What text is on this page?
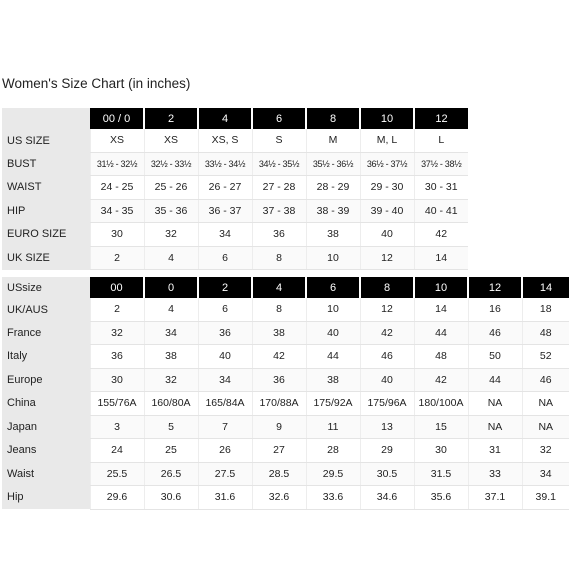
Women's Size Chart (in inches)
	00 / 0	2	4	6	8	10	12
US SIZE	XS	XS	XS, S	S	M	M, L	L
BUST	31½ - 32½	32½ - 33½	33½ - 34½	34½ - 35½	35½ - 36½	36½ - 37½	37½ - 38½
WAIST	24 - 25	25 - 26	26 - 27	27 - 28	28 - 29	29 - 30	30 - 31
HIP	34 - 35	35 - 36	36 - 37	37 - 38	38 - 39	39 - 40	40 - 41
EURO SIZE	30	32	34	36	38	40	42
UK SIZE	2	4	6	8	10	12	14
USsize	00	0	2	4	6	8	10	12	14
UK/AUS	2	4	6	8	10	12	14	16	18
France	32	34	36	38	40	42	44	46	48
Italy	36	38	40	42	44	46	48	50	52
Europe	30	32	34	36	38	40	42	44	46
China	155/76A	160/80A	165/84A	170/88A	175/92A	175/96A	180/100A	NA	NA
Japan	3	5	7	9	11	13	15	NA	NA
Jeans	24	25	26	27	28	29	30	31	32
Waist	25.5	26.5	27.5	28.5	29.5	30.5	31.5	33	34
Hip	29.6	30.6	31.6	32.6	33.6	34.6	35.6	37.1	39.1
